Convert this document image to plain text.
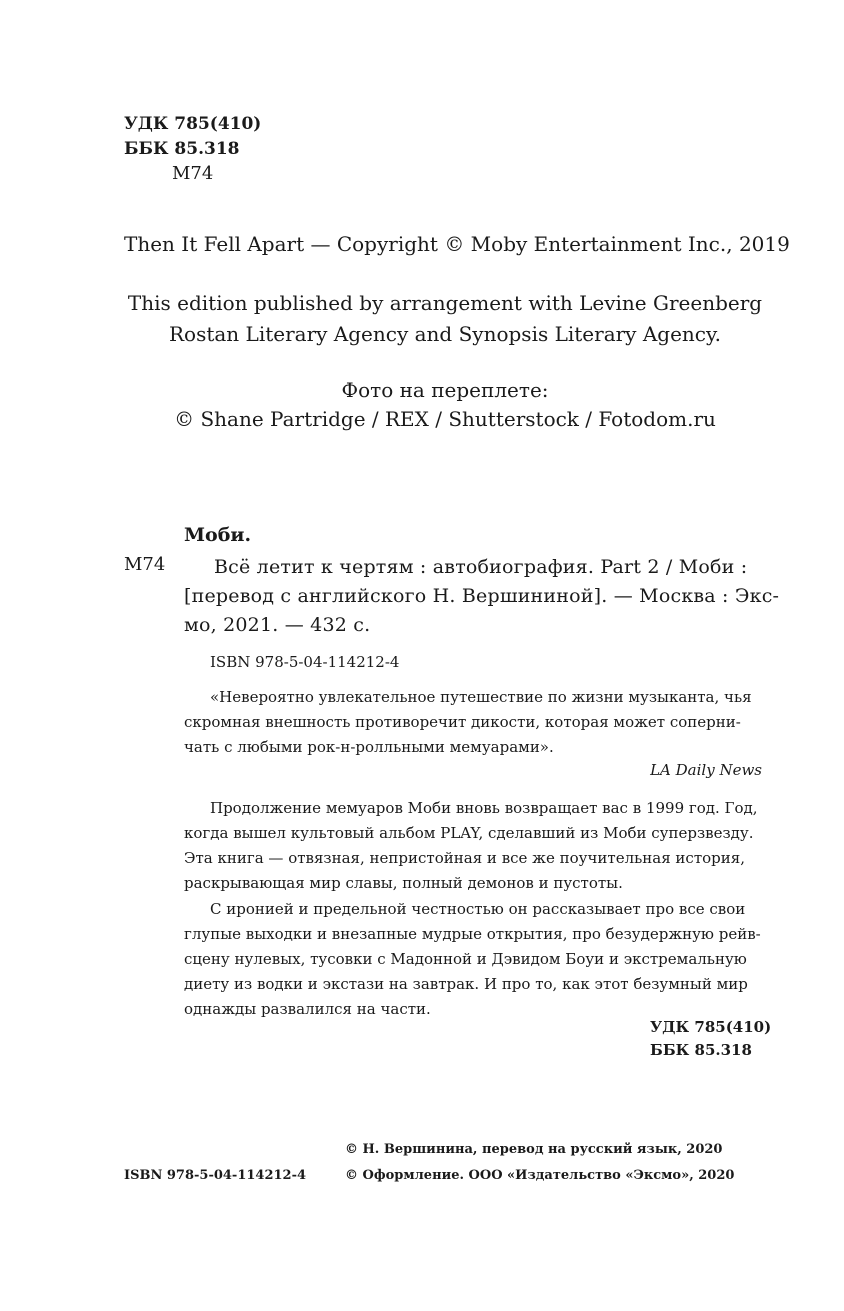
УДК 785(410)
ББК 85.318
М74
Then It Fell Apart — Copyright © Moby Entertainment Inc., 2019
This edition published by arrangement with Levine Greenberg
Rostan Literary Agency and Synopsis Literary Agency.
Фото на переплете:
© Shane Partridge / REX / Shutterstock / Fotodom.ru
Моби.
М74	Всё летит к чертям : автобиография. Part 2 / Моби :
[перевод с английского Н. Вершининой]. — Москва : Экс-
мо, 2021. — 432 с.
ISBN 978-5-04-114212-4
«Невероятно увлекательное путешествие по жизни музыканта, чья
скромная внешность противоречит дикости, которая может соперни-
чать с любыми рок-н-ролльными мемуарами».
LA Daily News
Продолжение мемуаров Моби вновь возвращает вас в 1999 год. Год,
когда вышел культовый альбом PLAY, сделавший из Моби суперзвезду.
Эта книга — отвязная, непристойная и все же поучительная история,
раскрывающая мир славы, полный демонов и пустоты.
С иронией и предельной честностью он рассказывает про все свои
глупые выходки и внезапные мудрые открытия, про безудержную рейв-
сцену нулевых, тусовки с Мадонной и Дэвидом Боуи и экстремальную
диету из водки и экстази на завтрак. И про то, как этот безумный мир
однажды развалился на части.
УДК 785(410)
ББК 85.318
© Н. Вершинина, перевод на русский язык, 2020
ISBN 978-5-04-114212-4	© Оформление. ООО «Издательство «Эксмо», 2020
